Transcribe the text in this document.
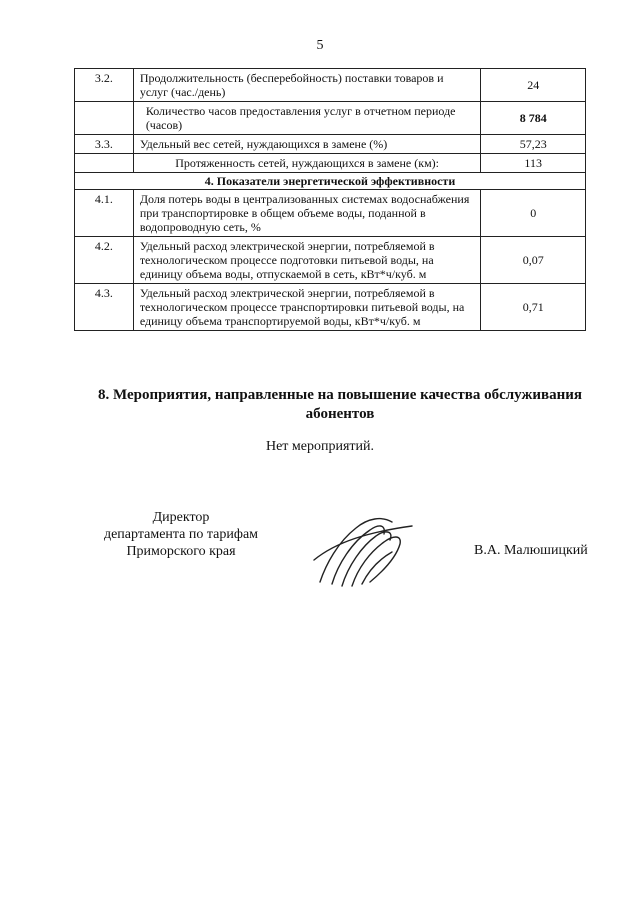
5
3.2.	Продолжительность (бесперебойность) поставки товаров и услуг (час./день)	24
	Количество часов предоставления услуг в отчетном периоде (часов)	8 784
3.3.	Удельный вес сетей, нуждающихся в замене (%)	57,23
	Протяженность сетей, нуждающихся в замене (км):	113
4. Показатели энергетической эффективности		
4.1.	Доля потерь воды в централизованных системах водоснабжения при транспортировке в общем объеме воды, поданной в водопроводную сеть, %	0
4.2.	Удельный расход электрической энергии, потребляемой в технологическом процессе подготовки питьевой воды, на единицу объема воды, отпускаемой в сеть, кВт*ч/куб. м	0,07
4.3.	Удельный расход электрической энергии, потребляемой в технологическом процессе транспортировки питьевой воды, на единицу объема транспортируемой воды, кВт*ч/куб. м	0,71
8. Мероприятия, направленные на повышение качества обслуживания абонентов
Нет мероприятий.
Директор
департамента по тарифам
Приморского края	В.А. Малюшицкий
